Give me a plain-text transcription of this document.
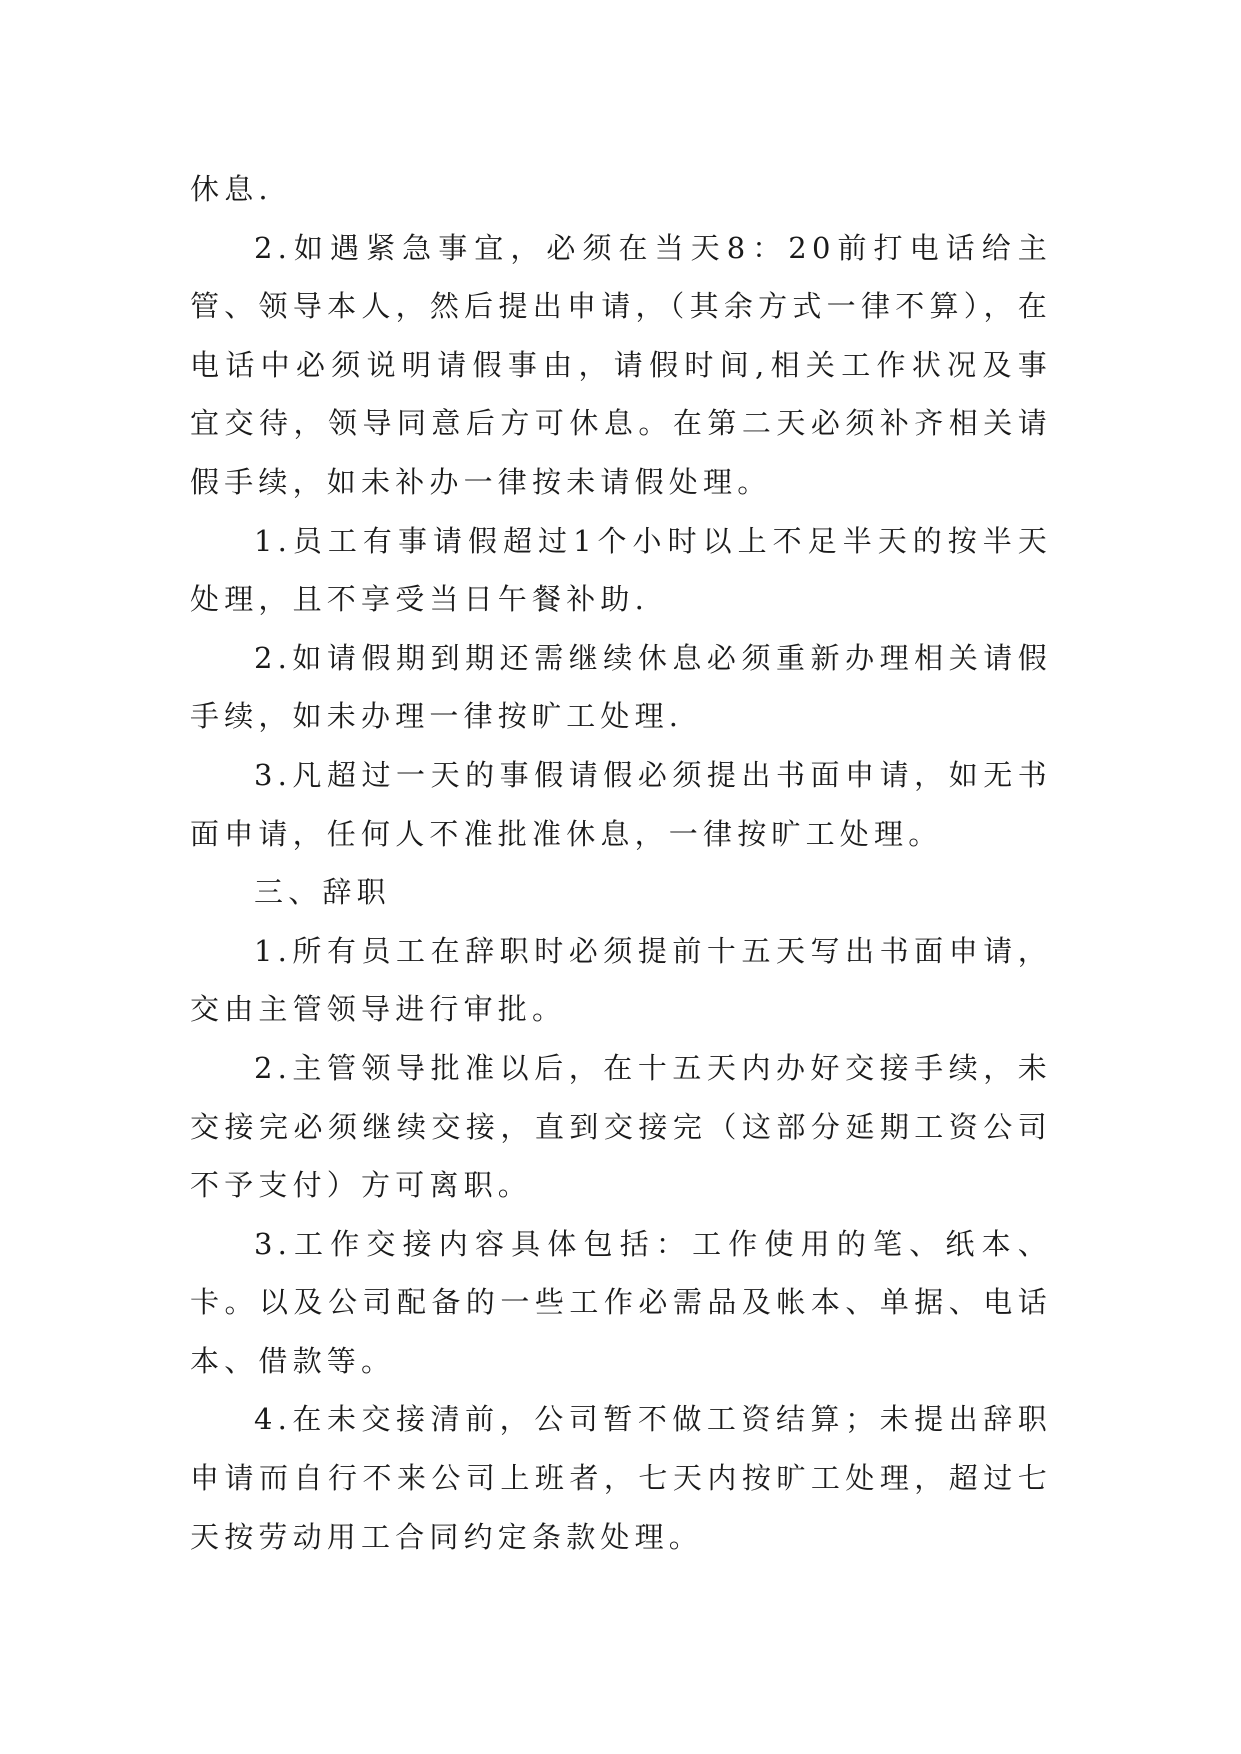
休息.

2.如遇紧急事宜，必须在当天8：20前打电话给主管、领导本人，然后提出申请，（其余方式一律不算），在电话中必须说明请假事由，请假时间,相关工作状况及事宜交待，领导同意后方可休息。在第二天必须补齐相关请假手续，如未补办一律按未请假处理。

1.员工有事请假超过1个小时以上不足半天的按半天处理，且不享受当日午餐补助.

2.如请假期到期还需继续休息必须重新办理相关请假手续，如未办理一律按旷工处理.

3.凡超过一天的事假请假必须提出书面申请，如无书面申请，任何人不准批准休息，一律按旷工处理。

三、辞职

1.所有员工在辞职时必须提前十五天写出书面申请，交由主管领导进行审批。

2.主管领导批准以后，在十五天内办好交接手续，未交接完必须继续交接，直到交接完（这部分延期工资公司不予支付）方可离职。

3.工作交接内容具体包括：工作使用的笔、纸本、卡。以及公司配备的一些工作必需品及帐本、单据、电话本、借款等。

4.在未交接清前，公司暂不做工资结算；未提出辞职申请而自行不来公司上班者，七天内按旷工处理，超过七天按劳动用工合同约定条款处理。
